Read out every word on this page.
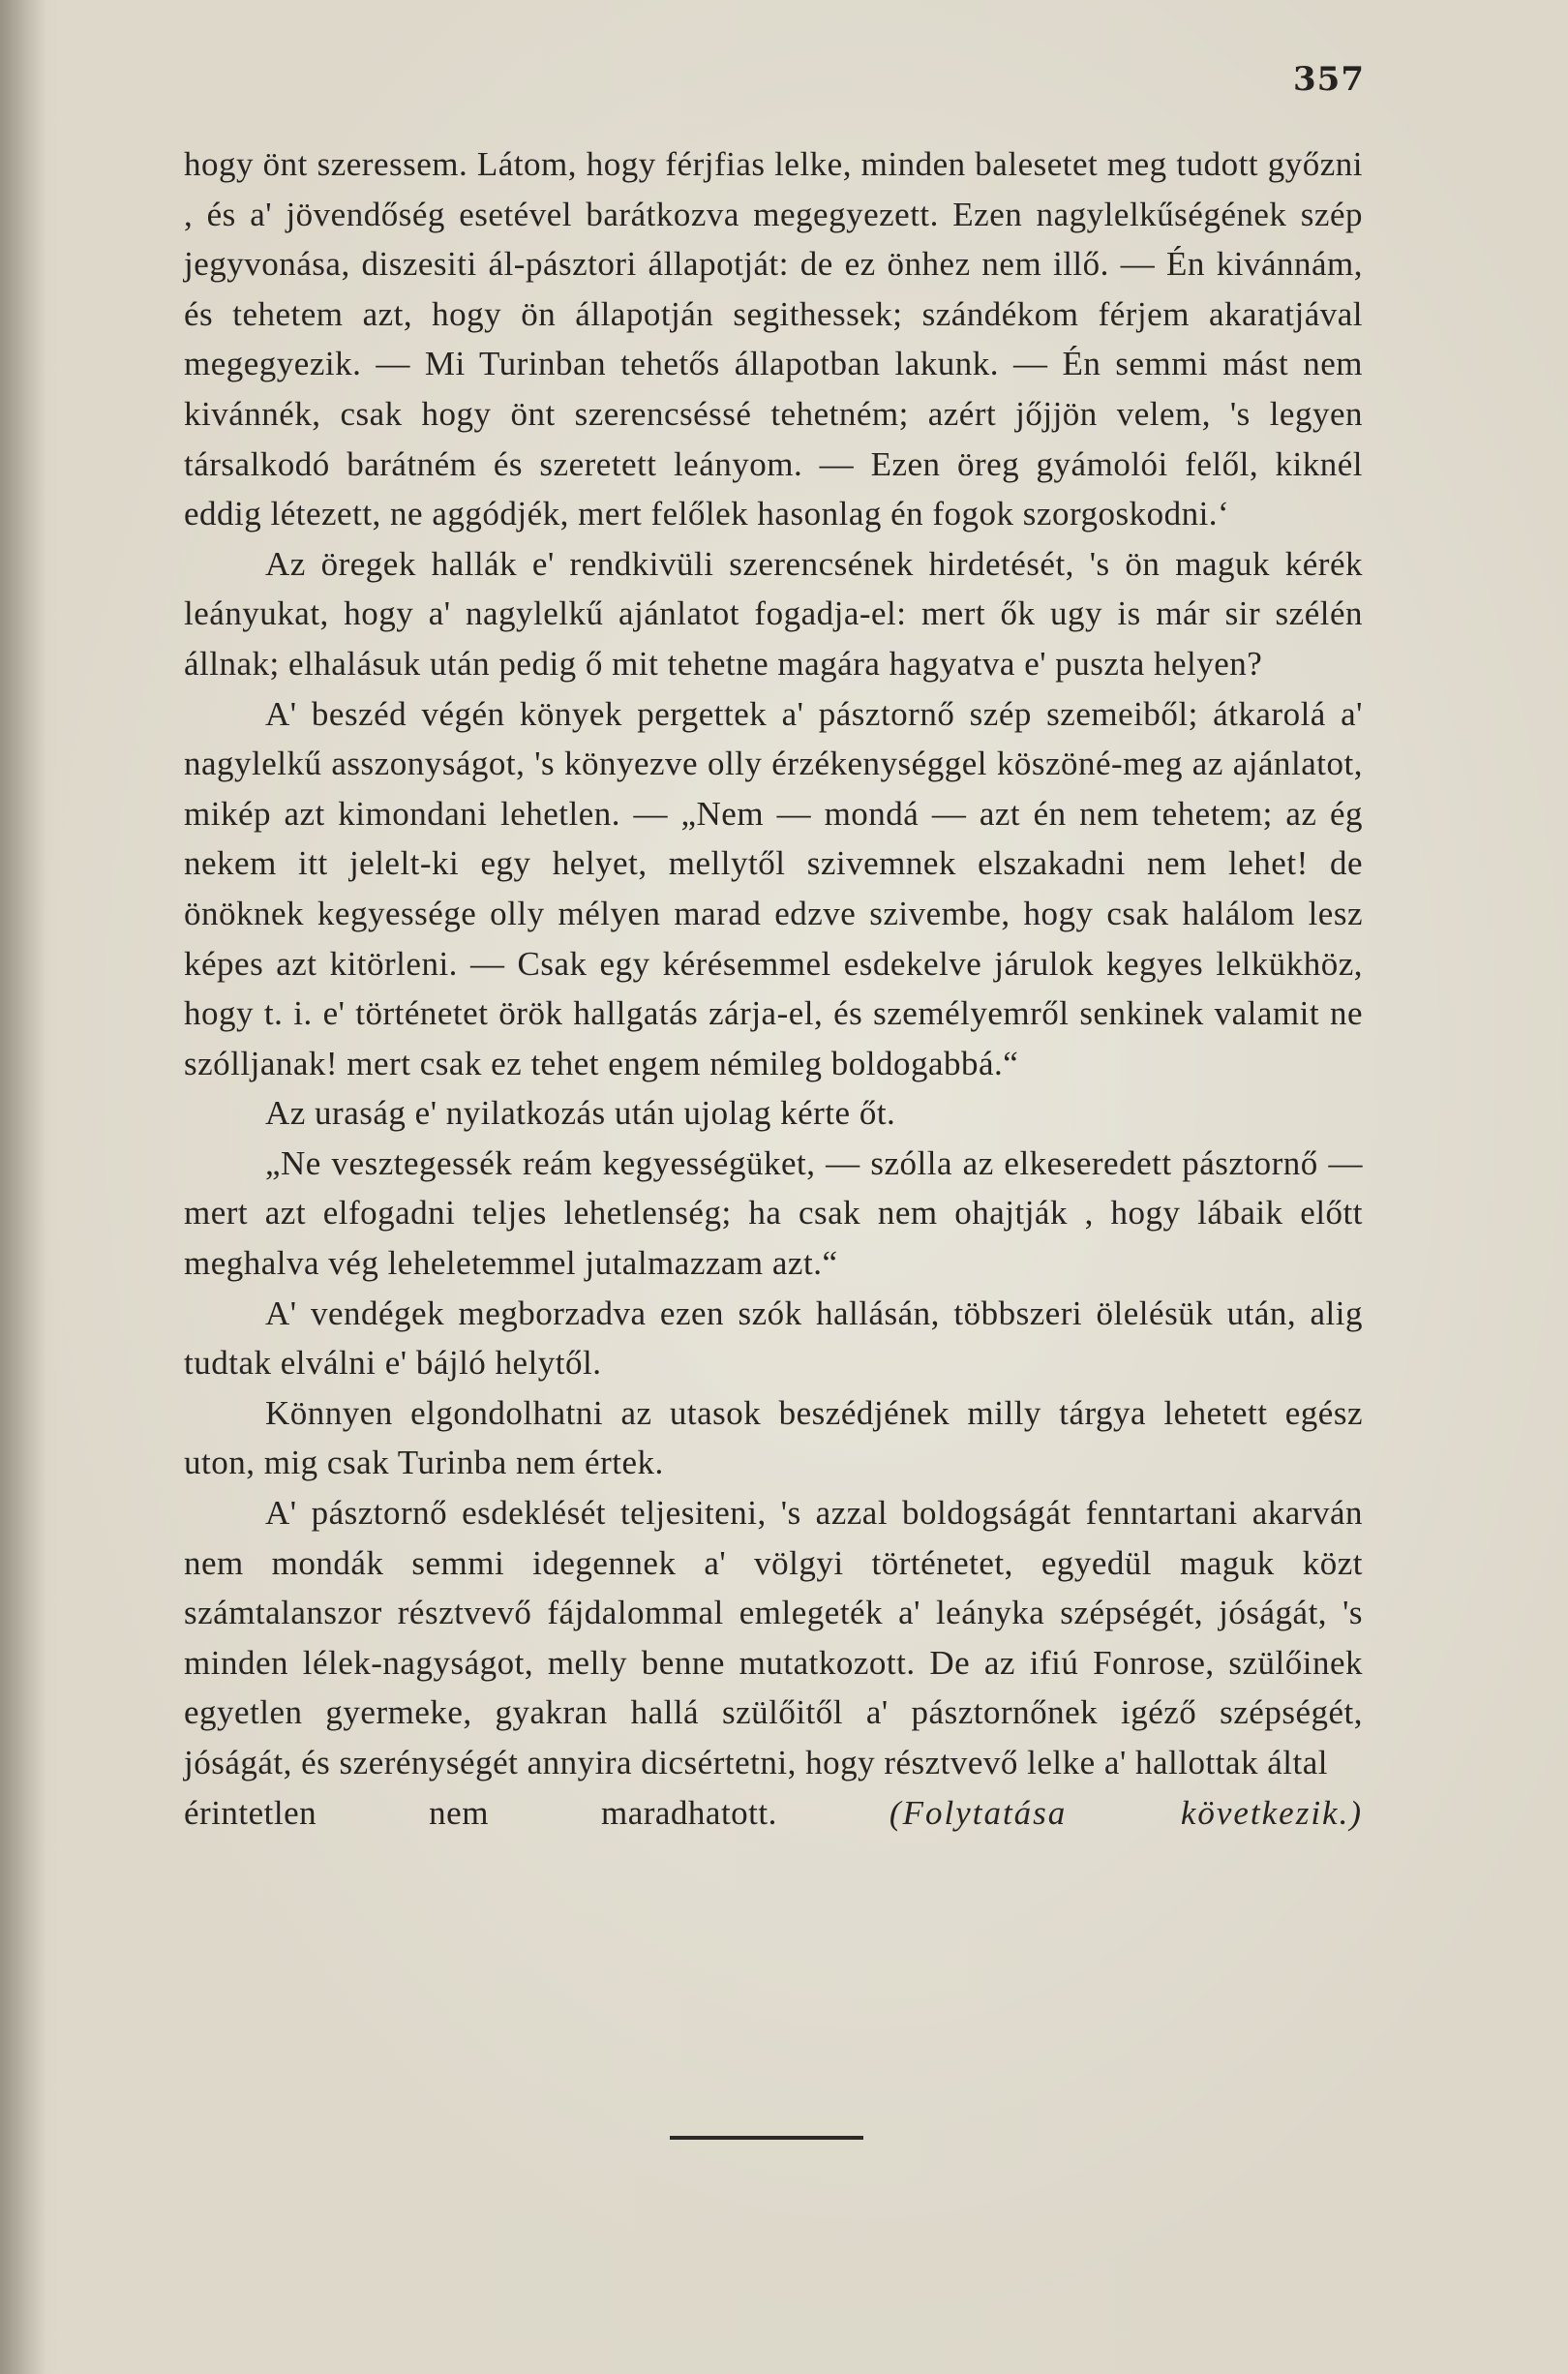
357

hogy önt szeressem. Látom, hogy férjfias lelke, minden balesetet meg tudott győzni , és a' jövendőség esetével barátkozva megegyezett. Ezen nagylelkűségének szép jegyvonása, diszesiti ál-pásztori állapotját: de ez önhez nem illő. — Én kivánnám, és tehetem azt, hogy ön állapotján segithessek; szándékom férjem akaratjával megegyezik. — Mi Turinban tehetős állapotban lakunk. — Én semmi mást nem kivánnék, csak hogy önt szerencséssé tehetném; azért jőjjön velem, 's legyen társalkodó barátném és szeretett leányom. — Ezen öreg gyámolói felől, kiknél eddig létezett, ne aggódjék, mert felőlek hasonlag én fogok szorgoskodni.‘

Az öregek hallák e' rendkivüli szerencsének hirdetését, 's ön maguk kérék leányukat, hogy a' nagylelkű ajánlatot fogadja-el: mert ők ugy is már sir szélén állnak; elhalásuk után pedig ő mit tehetne magára hagyatva e' puszta helyen?

A' beszéd végén könyek pergettek a' pásztornő szép szemeiből; átkarolá a' nagylelkű asszonyságot, 's könyezve olly érzékenységgel köszöné-meg az ajánlatot, mikép azt kimondani lehetlen. — „Nem — mondá — azt én nem tehetem; az ég nekem itt jelelt-ki egy helyet, mellytől szivemnek elszakadni nem lehet! de önöknek kegyessége olly mélyen marad edzve szivembe, hogy csak halálom lesz képes azt kitörleni. — Csak egy kérésemmel esdekelve járulok kegyes lelkükhöz, hogy t. i. e' történetet örök hallgatás zárja-el, és személyemről senkinek valamit ne szólljanak! mert csak ez tehet engem némileg boldogabbá.“

Az uraság e' nyilatkozás után ujolag kérte őt.

„Ne vesztegessék reám kegyességüket, — szólla az elkeseredett pásztornő — mert azt elfogadni teljes lehetlenség; ha csak nem ohajtják , hogy lábaik előtt meghalva vég leheletemmel jutalmazzam azt.“

A' vendégek megborzadva ezen szók hallásán, többszeri ölelésük után, alig tudtak elválni e' bájló helytől.

Könnyen elgondolhatni az utasok beszédjének milly tárgya lehetett egész uton, mig csak Turinba nem értek.

A' pásztornő esdeklését teljesiteni, 's azzal boldogságát fenntartani akarván nem mondák semmi idegennek a' völgyi történetet, egyedül maguk közt számtalanszor résztvevő fájdalommal emlegeték a' leányka szépségét, jóságát, 's minden lélek-nagyságot, melly benne mutatkozott. De az ifiú Fonrose, szülőinek egyetlen gyermeke, gyakran hallá szülőitől a' pásztornőnek igéző szépségét, jóságát, és szerénységét annyira dicsértetni, hogy résztvevő lelke a' hallottak által

érintetlen nem maradhatott.	(Folytatása következik.)
